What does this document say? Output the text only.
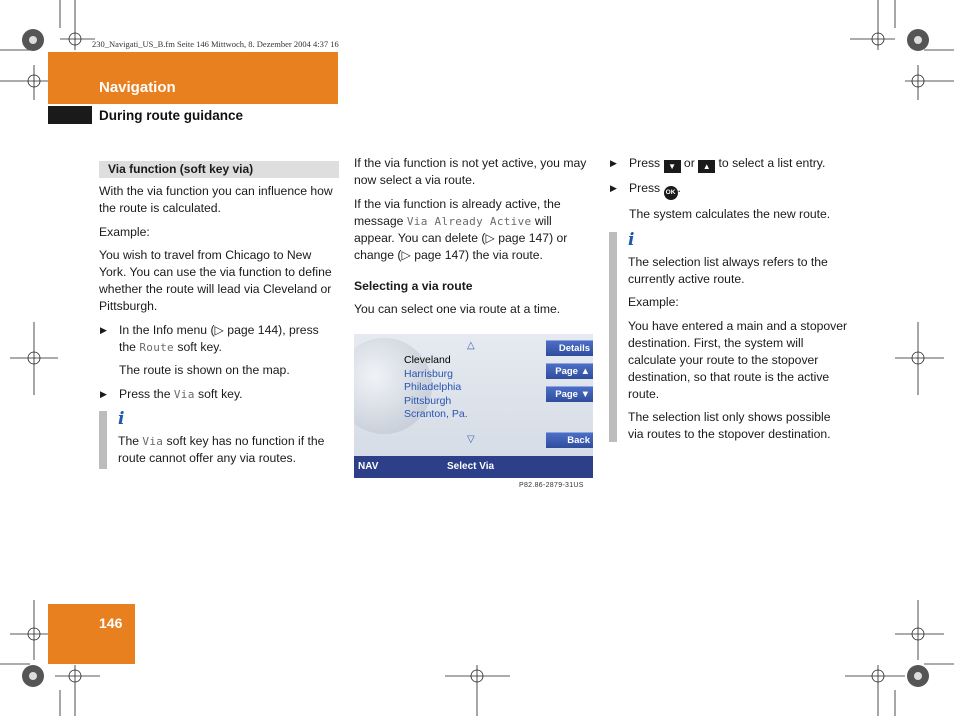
230_Navigati_US_B.fm Seite 146 Mittwoch, 8. Dezember 2004 4:37 16
Navigation
During route guidance
Via function (soft key via)

With the via function you can influence how the route is calculated.

Example:

You wish to travel from Chicago to New York. You can use the via function to define whether the route will lead via Cleveland or Pittsburgh.

▶ In the Info menu (▷ page 144), press the Route soft key.

The route is shown on the map.

▶ Press the Via soft key.

i

The Via soft key has no function if the route cannot offer any via routes.

If the via function is not yet active, you may now select a via route.

If the via function is already active, the message Via Already Active will appear. You can delete (▷ page 147) or change (▷ page 147) the via route.

Selecting a via route

You can select one via route at a time.

△
Cleveland
Harrisburg
Philadelphia
Pittsburgh
Scranton, Pa.
▽
Details
Page ▲
Page ▼
Back
NAV	Select Via
P82.86-2879-31US

▶ Press ▼ or ▲ to select a list entry.

▶ Press OK .

The system calculates the new route.

i

The selection list always refers to the currently active route.

Example:

You have entered a main and a stopover destination. First, the system will calculate your route to the stopover destination, so that route is the active route.

The selection list only shows possible via routes to the stopover destination.

146
